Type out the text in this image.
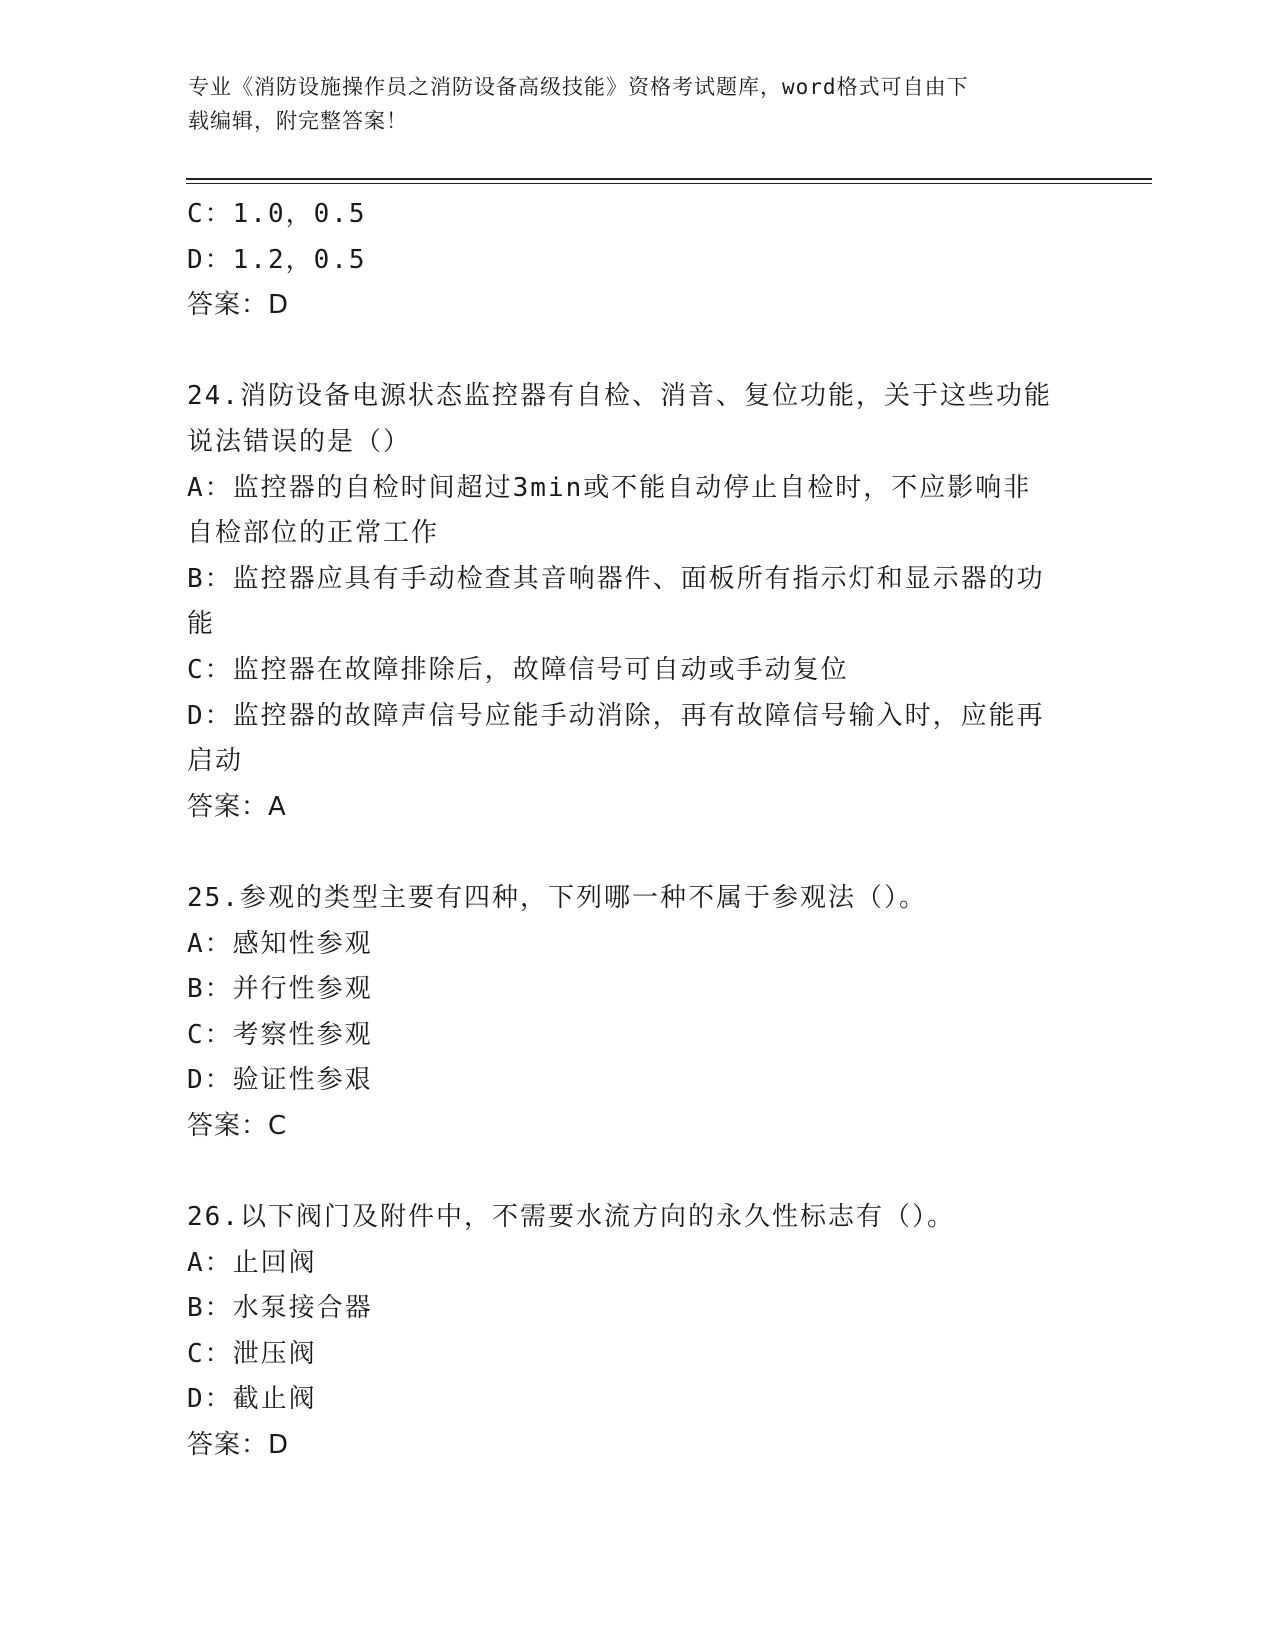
专业《消防设施操作员之消防设备高级技能》资格考试题库，word格式可自由下
载编辑，附完整答案！
C：1.0，0.5
D：1.2，0.5
答案：D
24.消防设备电源状态监控器有自检、消音、复位功能，关于这些功能
说法错误的是（）
A：监控器的自检时间超过3min或不能自动停止自检时，不应影响非
自检部位的正常工作
B：监控器应具有手动检查其音响器件、面板所有指示灯和显示器的功
能
C：监控器在故障排除后，故障信号可自动或手动复位
D：监控器的故障声信号应能手动消除，再有故障信号输入时，应能再
启动
答案：A
25.参观的类型主要有四种，下列哪一种不属于参观法（）。
A：感知性参观
B：并行性参观
C：考察性参观
D：验证性参艰
答案：C
26.以下阀门及附件中，不需要水流方向的永久性标志有（）。
A：止回阀
B：水泵接合器
C：泄压阀
D：截止阀
答案：D
